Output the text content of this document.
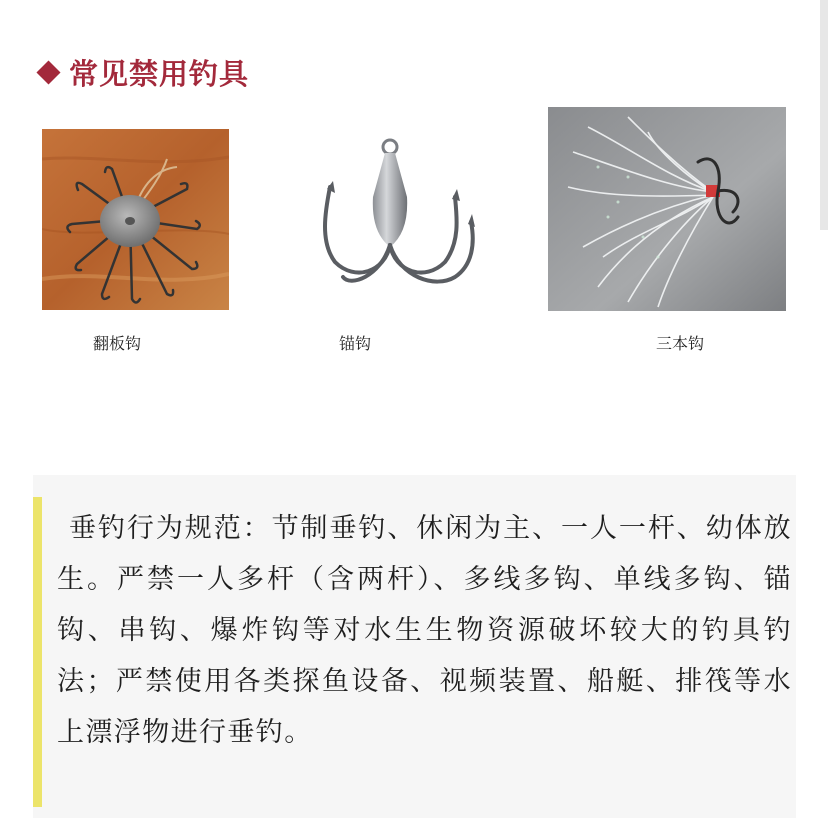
常见禁用钓具
翻板钩	锚钩	三本钩

垂钓行为规范：节制垂钓、休闲为主、一人一杆、幼体放生。严禁一人多杆（含两杆）、多线多钩、单线多钩、锚钩、串钩、爆炸钩等对水生生物资源破坏较大的钓具钓法；严禁使用各类探鱼设备、视频装置、船艇、排筏等水上漂浮物进行垂钓。
